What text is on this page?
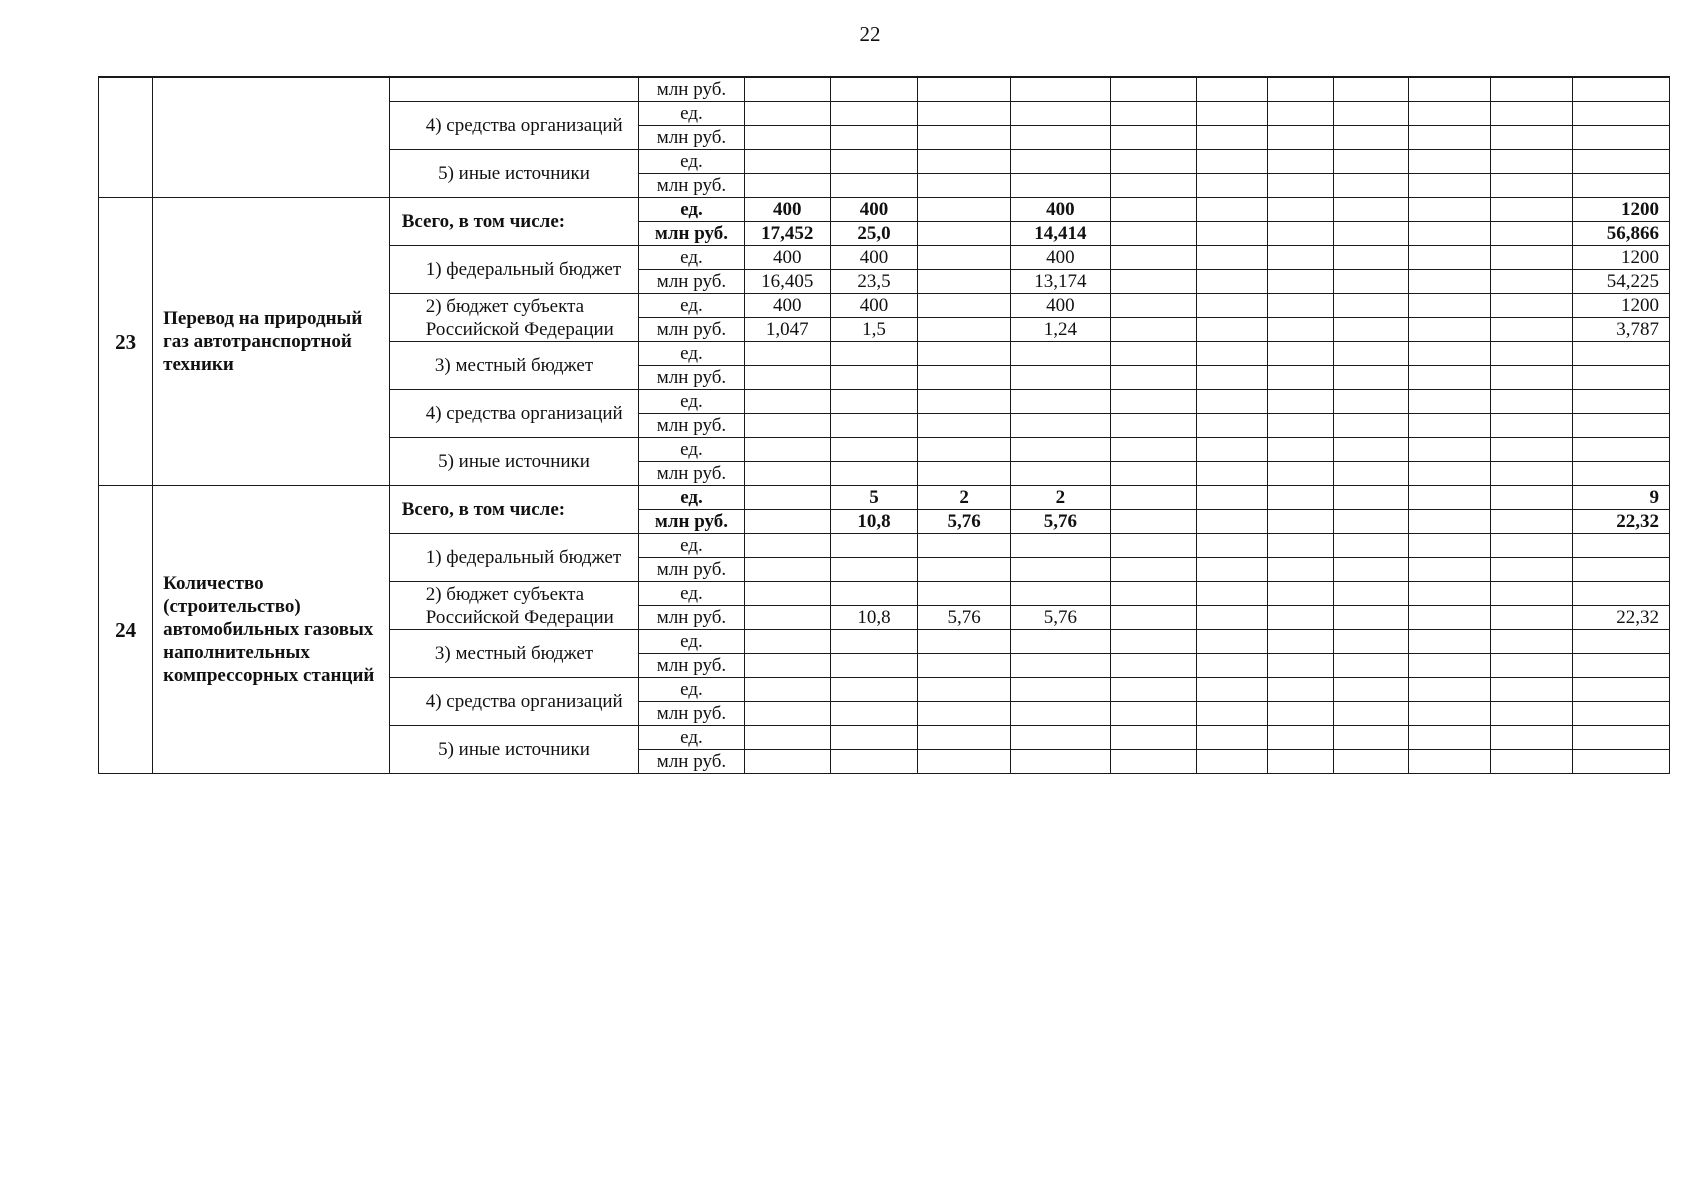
22

	млн руб.											

		4) средства организаций	ед.											
			млн руб.											

		5) иные источники	ед.											
			млн руб.											
23	Перевод на природный газ автотранспортной техники	Всего, в том числе:	ед.	400	400		400							1200
			млн руб.	17,452	25,0		14,414							56,866

		1) федеральный бюджет	ед.	400	400		400							1200
			млн руб.	16,405	23,5		13,174							54,225

		2) бюджет субъекта Российской Федерации	ед.	400	400		400							1200
			млн руб.	1,047	1,5		1,24							3,787

		3) местный бюджет	ед.											
			млн руб.											

		4) средства организаций	ед.											
			млн руб.											

		5) иные источники	ед.											
			млн руб.											
24	Количество (строительство) автомобильных газовых наполнительных компрессорных станций	Всего, в том числе:	ед.		5	2	2							9
			млн руб.		10,8	5,76	5,76							22,32

		1) федеральный бюджет	ед.											
			млн руб.											

		2) бюджет субъекта Российской Федерации	ед.											
			млн руб.		10,8	5,76	5,76							22,32

		3) местный бюджет	ед.											
			млн руб.											

		4) средства организаций	ед.											
			млн руб.											

		5) иные источники	ед.											
			млн руб.											
